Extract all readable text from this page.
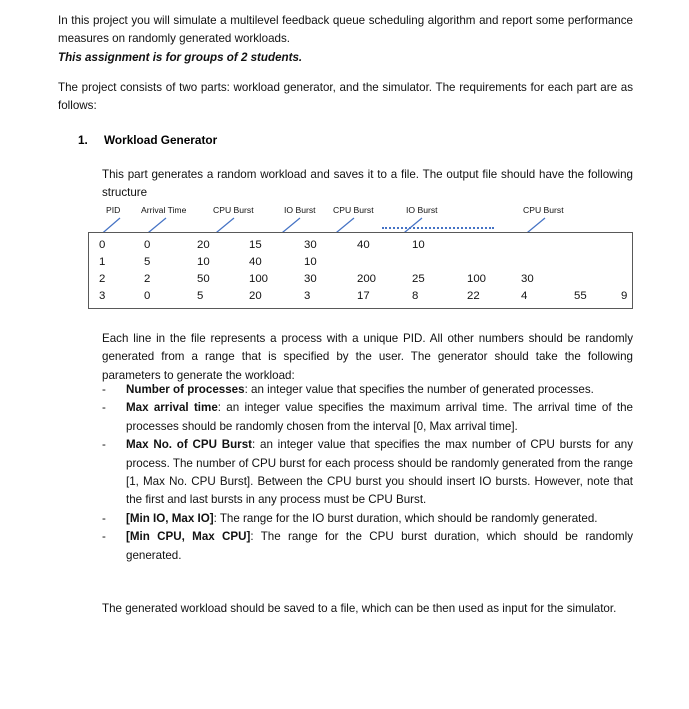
In this project you will simulate a multilevel feedback queue scheduling algorithm and report some performance measures on randomly generated workloads.
This assignment is for groups of 2 students.
The project consists of two parts: workload generator, and the simulator. The requirements for each part are as follows:
1.	Workload Generator
This part generates a random workload and saves it to a file. The output file should have the following structure
PID Arrival Time	CPU Burst	IO Burst CPU Burst	IO Burst	CPU Burst
0	0	20	15	30	40	10
1	5	10	40	10
2	2	50	100	30	200	25	100	30
3	0	5	20	3	17	8	22	4	55	9
Each line in the file represents a process with a unique PID. All other numbers should be randomly generated from a range that is specified by the user. The generator should take the following parameters to generate the workload:
-	Number of processes: an integer value that specifies the number of generated processes.
-	Max arrival time: an integer value specifies the maximum arrival time. The arrival time of the processes should be randomly chosen from the interval [0, Max arrival time].
-	Max No. of CPU Burst: an integer value that specifies the max number of CPU bursts for any process. The number of CPU burst for each process should be randomly generated from the range [1, Max No. CPU Burst]. Between the CPU burst you should insert IO bursts. However, note that the first and last bursts in any process must be CPU Burst.
-	[Min IO, Max IO]: The range for the IO burst duration, which should be randomly generated.
-	[Min CPU, Max CPU]: The range for the CPU burst duration, which should be randomly generated.
The generated workload should be saved to a file, which can be then used as input for the simulator.
